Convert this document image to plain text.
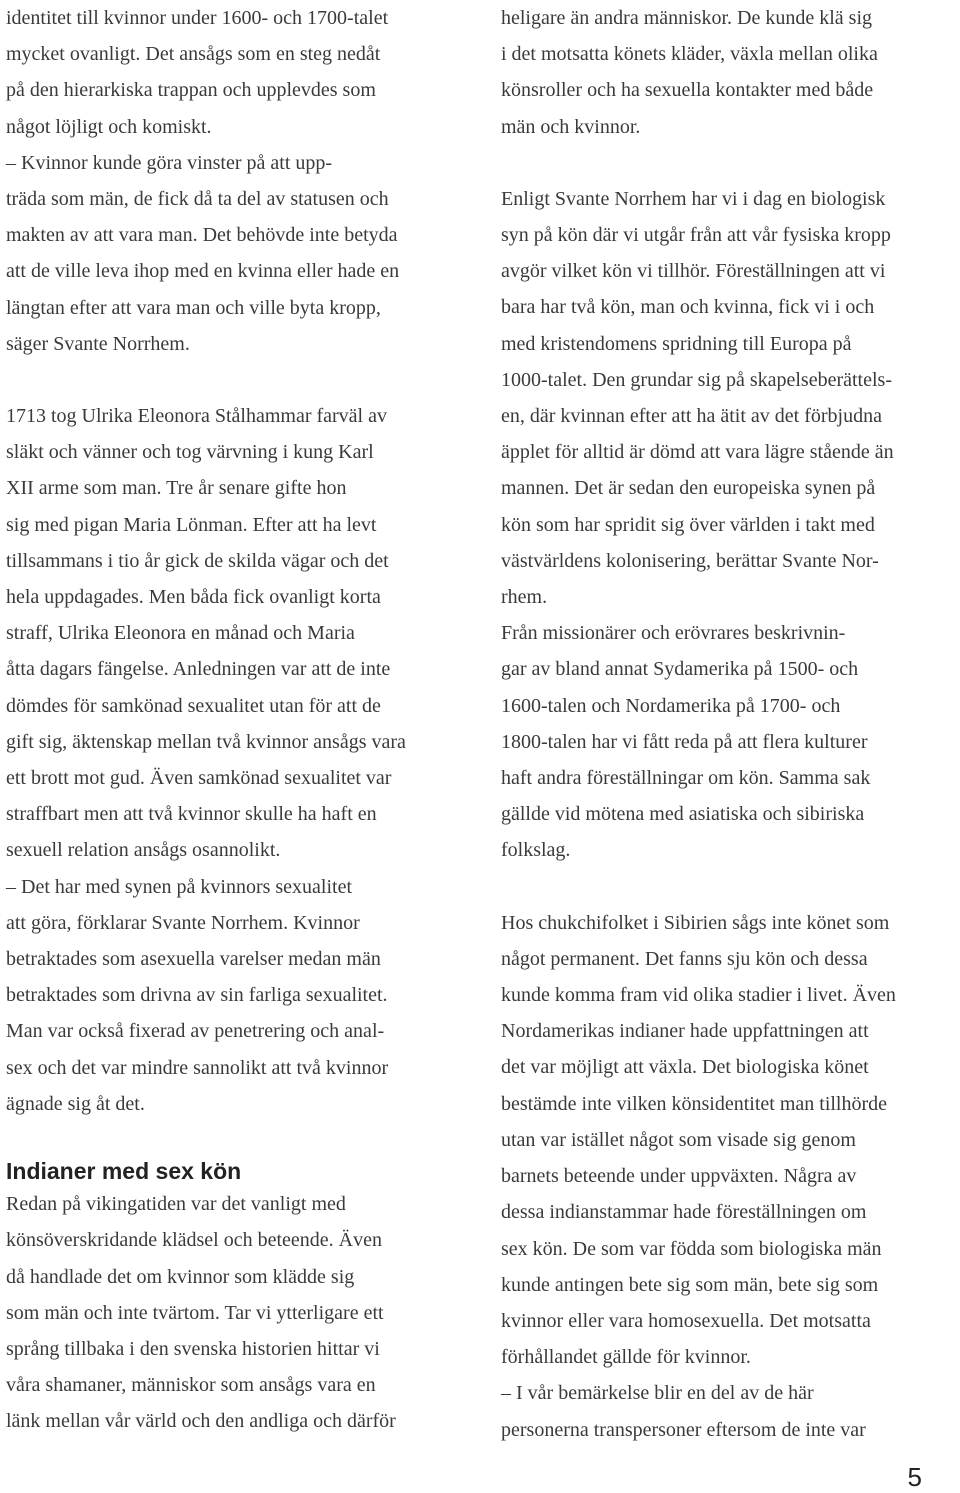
identitet till kvinnor under 1600- och 1700-talet
mycket ovanligt. Det ansågs som en steg nedåt
på den hierarkiska trappan och upplevdes som
något löjligt och komiskt.

– Kvinnor kunde göra vinster på att upp-
träda som män, de fick då ta del av statusen och
makten av att vara man. Det behövde inte betyda
att de ville leva ihop med en kvinna eller hade en
längtan efter att vara man och ville byta kropp,
säger Svante Norrhem.

1713 tog Ulrika Eleonora Stålhammar farväl av
släkt och vänner och tog värvning i kung Karl
XII arme som man. Tre år senare gifte hon
sig med pigan Maria Lönman. Efter att ha levt
tillsammans i tio år gick de skilda vägar och det
hela uppdagades. Men båda fick ovanligt korta
straff, Ulrika Eleonora en månad och Maria
åtta dagars fängelse. Anledningen var att de inte
dömdes för samkönad sexualitet utan för att de
gift sig, äktenskap mellan två kvinnor ansågs vara
ett brott mot gud. Även samkönad sexualitet var
straffbart men att två kvinnor skulle ha haft en
sexuell relation ansågs osannolikt.

– Det har med synen på kvinnors sexualitet
att göra, förklarar Svante Norrhem. Kvinnor
betraktades som asexuella varelser medan män
betraktades som drivna av sin farliga sexualitet.
Man var också fixerad av penetrering och anal-
sex och det var mindre sannolikt att två kvinnor
ägnade sig åt det.

Indianer med sex kön

Redan på vikingatiden var det vanligt med
könsöverskridande klädsel och beteende. Även
då handlade det om kvinnor som klädde sig
som män och inte tvärtom. Tar vi ytterligare ett
språng tillbaka i den svenska historien hittar vi
våra shamaner, människor som ansågs vara en
länk mellan vår värld och den andliga och därför

heligare än andra människor. De kunde klä sig
i det motsatta könets kläder, växla mellan olika
könsroller och ha sexuella kontakter med både
män och kvinnor.

Enligt Svante Norrhem har vi i dag en biologisk
syn på kön där vi utgår från att vår fysiska kropp
avgör vilket kön vi tillhör. Föreställningen att vi
bara har två kön, man och kvinna, fick vi i och
med kristendomens spridning till Europa på
1000-talet. Den grundar sig på skapelseberättels-
en, där kvinnan efter att ha ätit av det förbjudna
äpplet för alltid är dömd att vara lägre stående än
mannen. Det är sedan den europeiska synen på
kön som har spridit sig över världen i takt med
västvärldens kolonisering, berättar Svante Nor-
rhem.

Från missionärer och erövrares beskrivnin-
gar av bland annat Sydamerika på 1500- och
1600-talen och Nordamerika på 1700- och
1800-talen har vi fått reda på att flera kulturer
haft andra föreställningar om kön. Samma sak
gällde vid mötena med asiatiska och sibiriska
folkslag.

Hos chukchifolket i Sibirien sågs inte könet som
något permanent. Det fanns sju kön och dessa
kunde komma fram vid olika stadier i livet. Även
Nordamerikas indianer hade uppfattningen att
det var möjligt att växla. Det biologiska könet
bestämde inte vilken könsidentitet man tillhörde
utan var istället något som visade sig genom
barnets beteende under uppväxten. Några av
dessa indianstammar hade föreställningen om
sex kön. De som var födda som biologiska män
kunde antingen bete sig som män, bete sig som
kvinnor eller vara homosexuella. Det motsatta
förhållandet gällde för kvinnor.

– I vår bemärkelse blir en del av de här
personerna transpersoner eftersom de inte var

5
